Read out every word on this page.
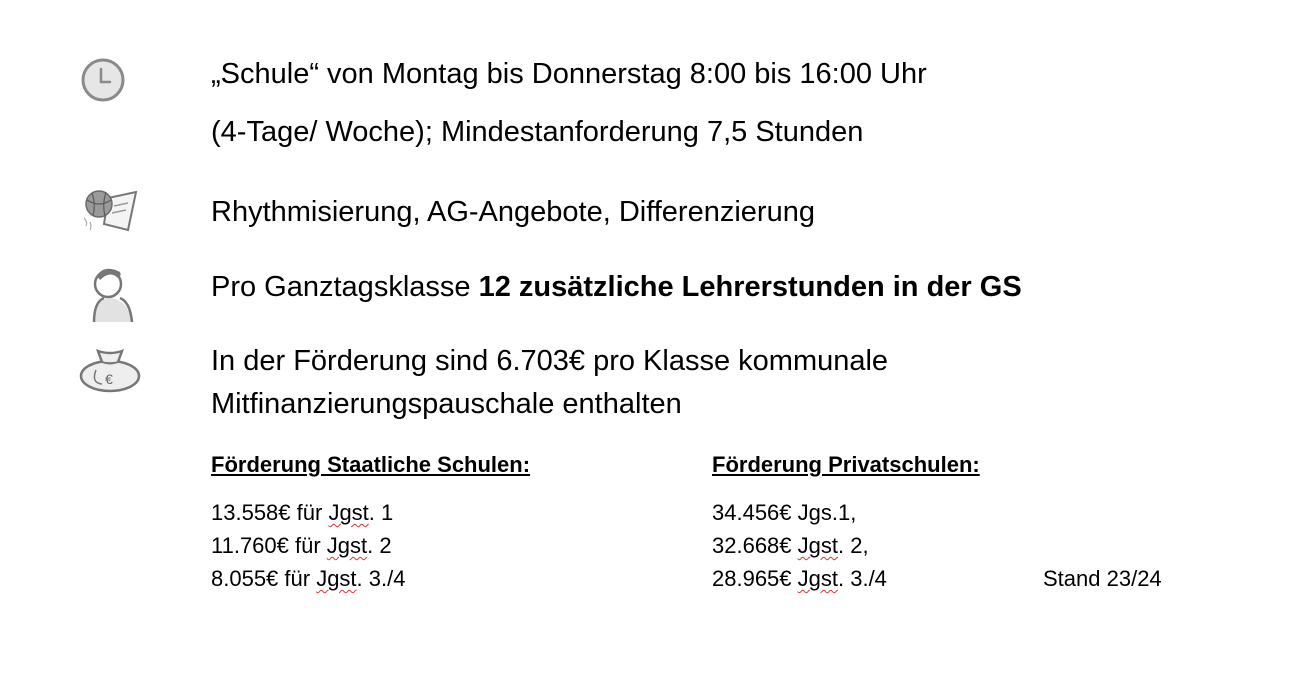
€
„Schule“ von Montag bis Donnerstag 8:00 bis 16:00 Uhr
(4-Tage/ Woche); Mindestanforderung 7,5 Stunden
Rhythmisierung, AG-Angebote, Differenzierung
Pro Ganztagsklasse 12 zusätzliche Lehrerstunden in der GS
In der Förderung sind 6.703€ pro Klasse kommunale
Mitfinanzierungspauschale enthalten
Förderung Staatliche Schulen:	Förderung Privatschulen:
13.558€ für Jgst. 1
11.760€ für Jgst. 2
8.055€ für Jgst. 3./4
34.456€ Jgs.1,
32.668€ Jgst. 2,
28.965€ Jgst. 3./4	Stand 23/24
